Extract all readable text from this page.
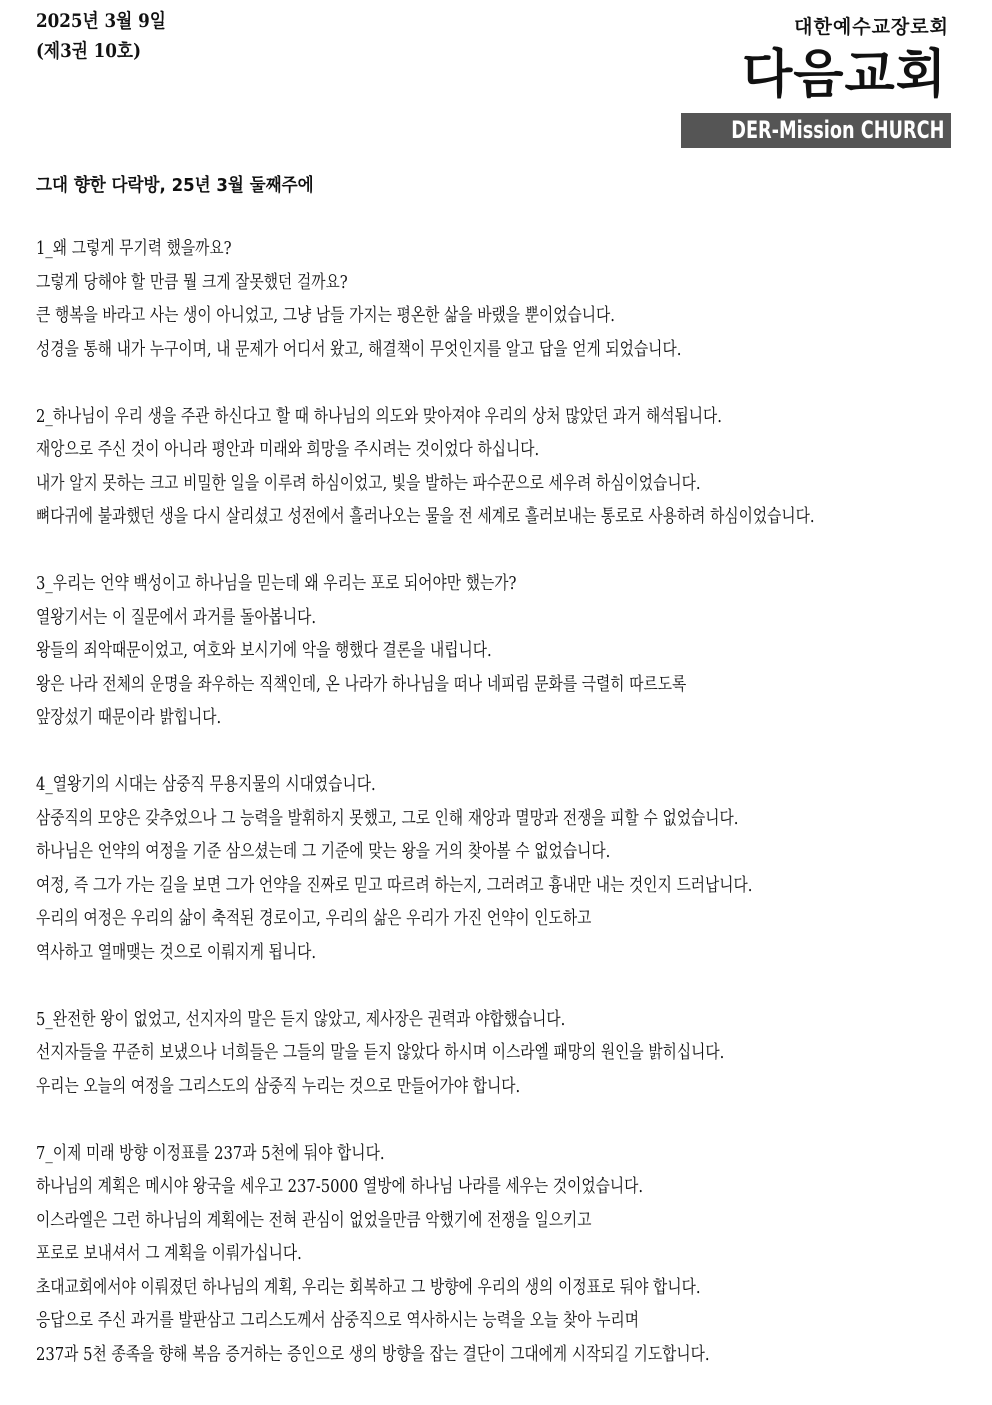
2025년 3월 9일
(제3권 10호)
대한예수교장로회
다음교회
DER-Mission CHURCH
그대 향한 다락방, 25년 3월 둘째주에
1_왜 그렇게 무기력 했을까요?
그렇게 당해야 할 만큼 뭘 크게 잘못했던 걸까요?
큰 행복을 바라고 사는 생이 아니었고, 그냥 남들 가지는 평온한 삶을 바랬을 뿐이었습니다.
성경을 통해 내가 누구이며, 내 문제가 어디서 왔고, 해결책이 무엇인지를 알고 답을 얻게 되었습니다.
2_하나님이 우리 생을 주관 하신다고 할 때 하나님의 의도와 맞아져야 우리의 상처 많았던 과거 해석됩니다.
재앙으로 주신 것이 아니라 평안과 미래와 희망을 주시려는 것이었다 하십니다.
내가 알지 못하는 크고 비밀한 일을 이루려 하심이었고, 빛을 발하는 파수꾼으로 세우려 하심이었습니다.
뼈다귀에 불과했던 생을 다시 살리셨고 성전에서 흘러나오는 물을 전 세계로 흘러보내는 통로로 사용하려 하심이었습니다.
3_우리는 언약 백성이고 하나님을 믿는데 왜 우리는 포로 되어야만 했는가?
열왕기서는 이 질문에서 과거를 돌아봅니다.
왕들의 죄악때문이었고, 여호와 보시기에 악을 행했다 결론을 내립니다.
왕은 나라 전체의 운명을 좌우하는 직책인데, 온 나라가 하나님을 떠나 네피림 문화를 극렬히 따르도록
앞장섰기 때문이라 밝힙니다.
4_열왕기의 시대는 삼중직 무용지물의 시대였습니다.
삼중직의 모양은 갖추었으나 그 능력을 발휘하지 못했고, 그로 인해 재앙과 멸망과 전쟁을 피할 수 없었습니다.
하나님은 언약의 여정을 기준 삼으셨는데 그 기준에 맞는 왕을 거의 찾아볼 수 없었습니다.
여정, 즉 그가 가는 길을 보면 그가 언약을 진짜로 믿고 따르려 하는지, 그러려고 흉내만 내는 것인지 드러납니다.
우리의 여정은 우리의 삶이 축적된 경로이고, 우리의 삶은 우리가 가진 언약이 인도하고
역사하고 열매맺는 것으로 이뤄지게 됩니다.
5_완전한 왕이 없었고, 선지자의 말은 듣지 않았고, 제사장은 권력과 야합했습니다.
선지자들을 꾸준히 보냈으나 너희들은 그들의 말을 듣지 않았다 하시며 이스라엘 패망의 원인을 밝히십니다.
우리는 오늘의 여정을 그리스도의 삼중직 누리는 것으로 만들어가야 합니다.
7_이제 미래 방향 이정표를 237과 5천에 둬야 합니다.
하나님의 계획은 메시야 왕국을 세우고 237-5000 열방에 하나님 나라를 세우는 것이었습니다.
이스라엘은 그런 하나님의 계획에는 전혀 관심이 없었을만큼 악했기에 전쟁을 일으키고
포로로 보내셔서 그 계획을 이뤄가십니다.
초대교회에서야 이뤄졌던 하나님의 계획, 우리는 회복하고 그 방향에 우리의 생의 이정표로 둬야 합니다.
응답으로 주신 과거를 발판삼고 그리스도께서 삼중직으로 역사하시는 능력을 오늘 찾아 누리며
237과 5천 종족을 향해 복음 증거하는 증인으로 생의 방향을 잡는 결단이 그대에게 시작되길 기도합니다.
